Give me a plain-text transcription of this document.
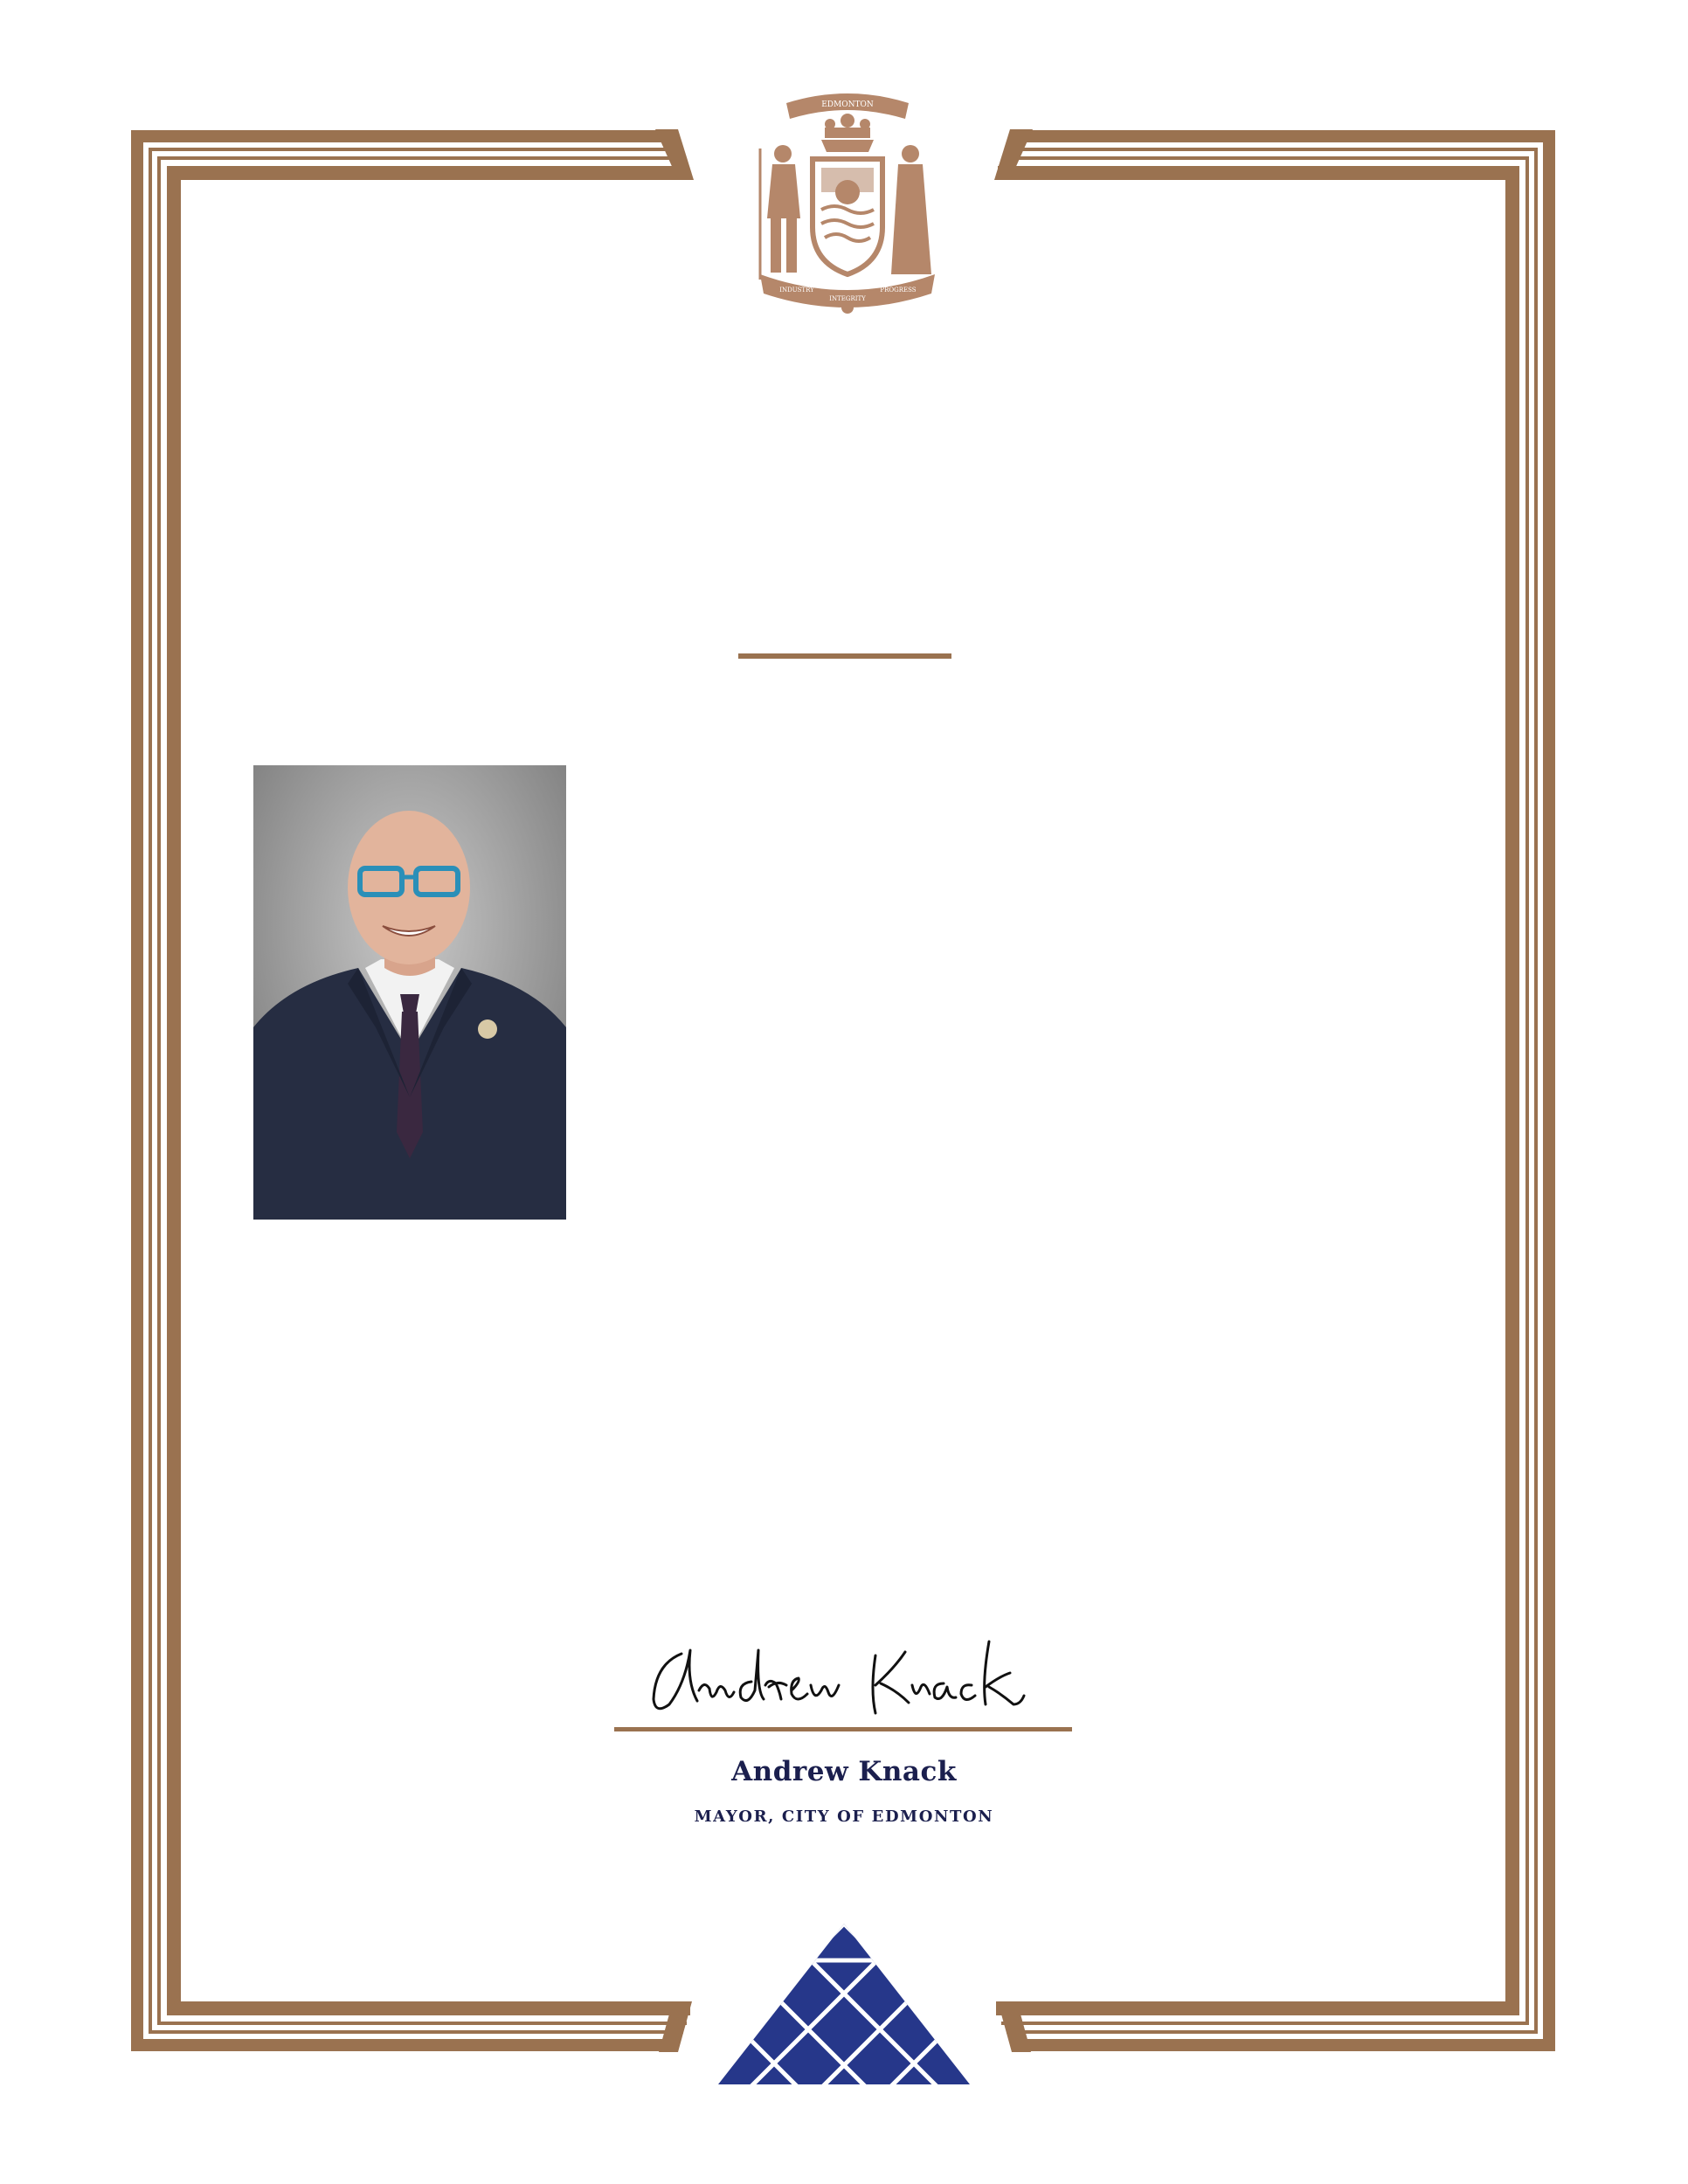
EDMONTON
INDUSTRY
INTEGRITY
PROGRESS
Andrew Knack
MAYOR, CITY OF EDMONTON
